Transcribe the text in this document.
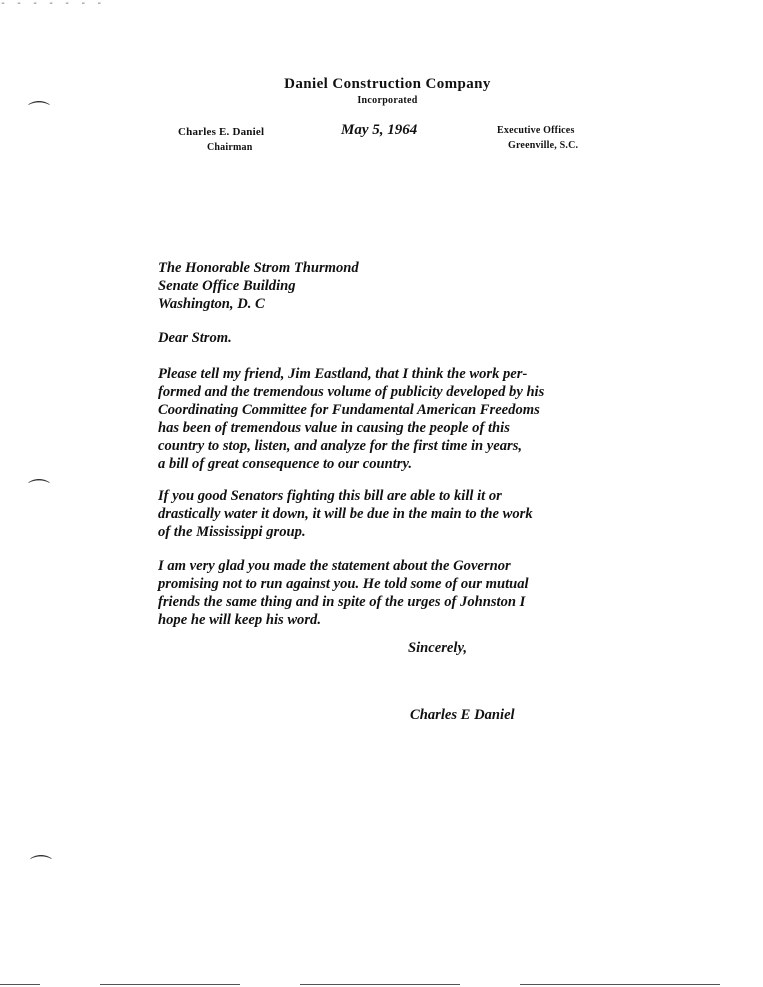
- - - - - - -
Daniel Construction Company
Incorporated
Charles E. Daniel
Chairman
May 5, 1964	Executive Offices
Greenville, S.C.
The Honorable Strom Thurmond
Senate Office Building
Washington, D. C
Dear Strom.
Please tell my friend, Jim Eastland, that I think the work per-
formed and the tremendous volume of publicity developed by his
Coordinating Committee for Fundamental American Freedoms
has been of tremendous value in causing the people of this
country to stop, listen, and analyze for the first time in years,
a bill of great consequence to our country.
If you good Senators fighting this bill are able to kill it or
drastically water it down, it will be due in the main to the work
of the Mississippi group.
I am very glad you made the statement about the Governor
promising not to run against you. He told some of our mutual
friends the same thing and in spite of the urges of Johnston I
hope he will keep his word.
Sincerely,
Charles E Daniel
⌒
⌒
⌒
